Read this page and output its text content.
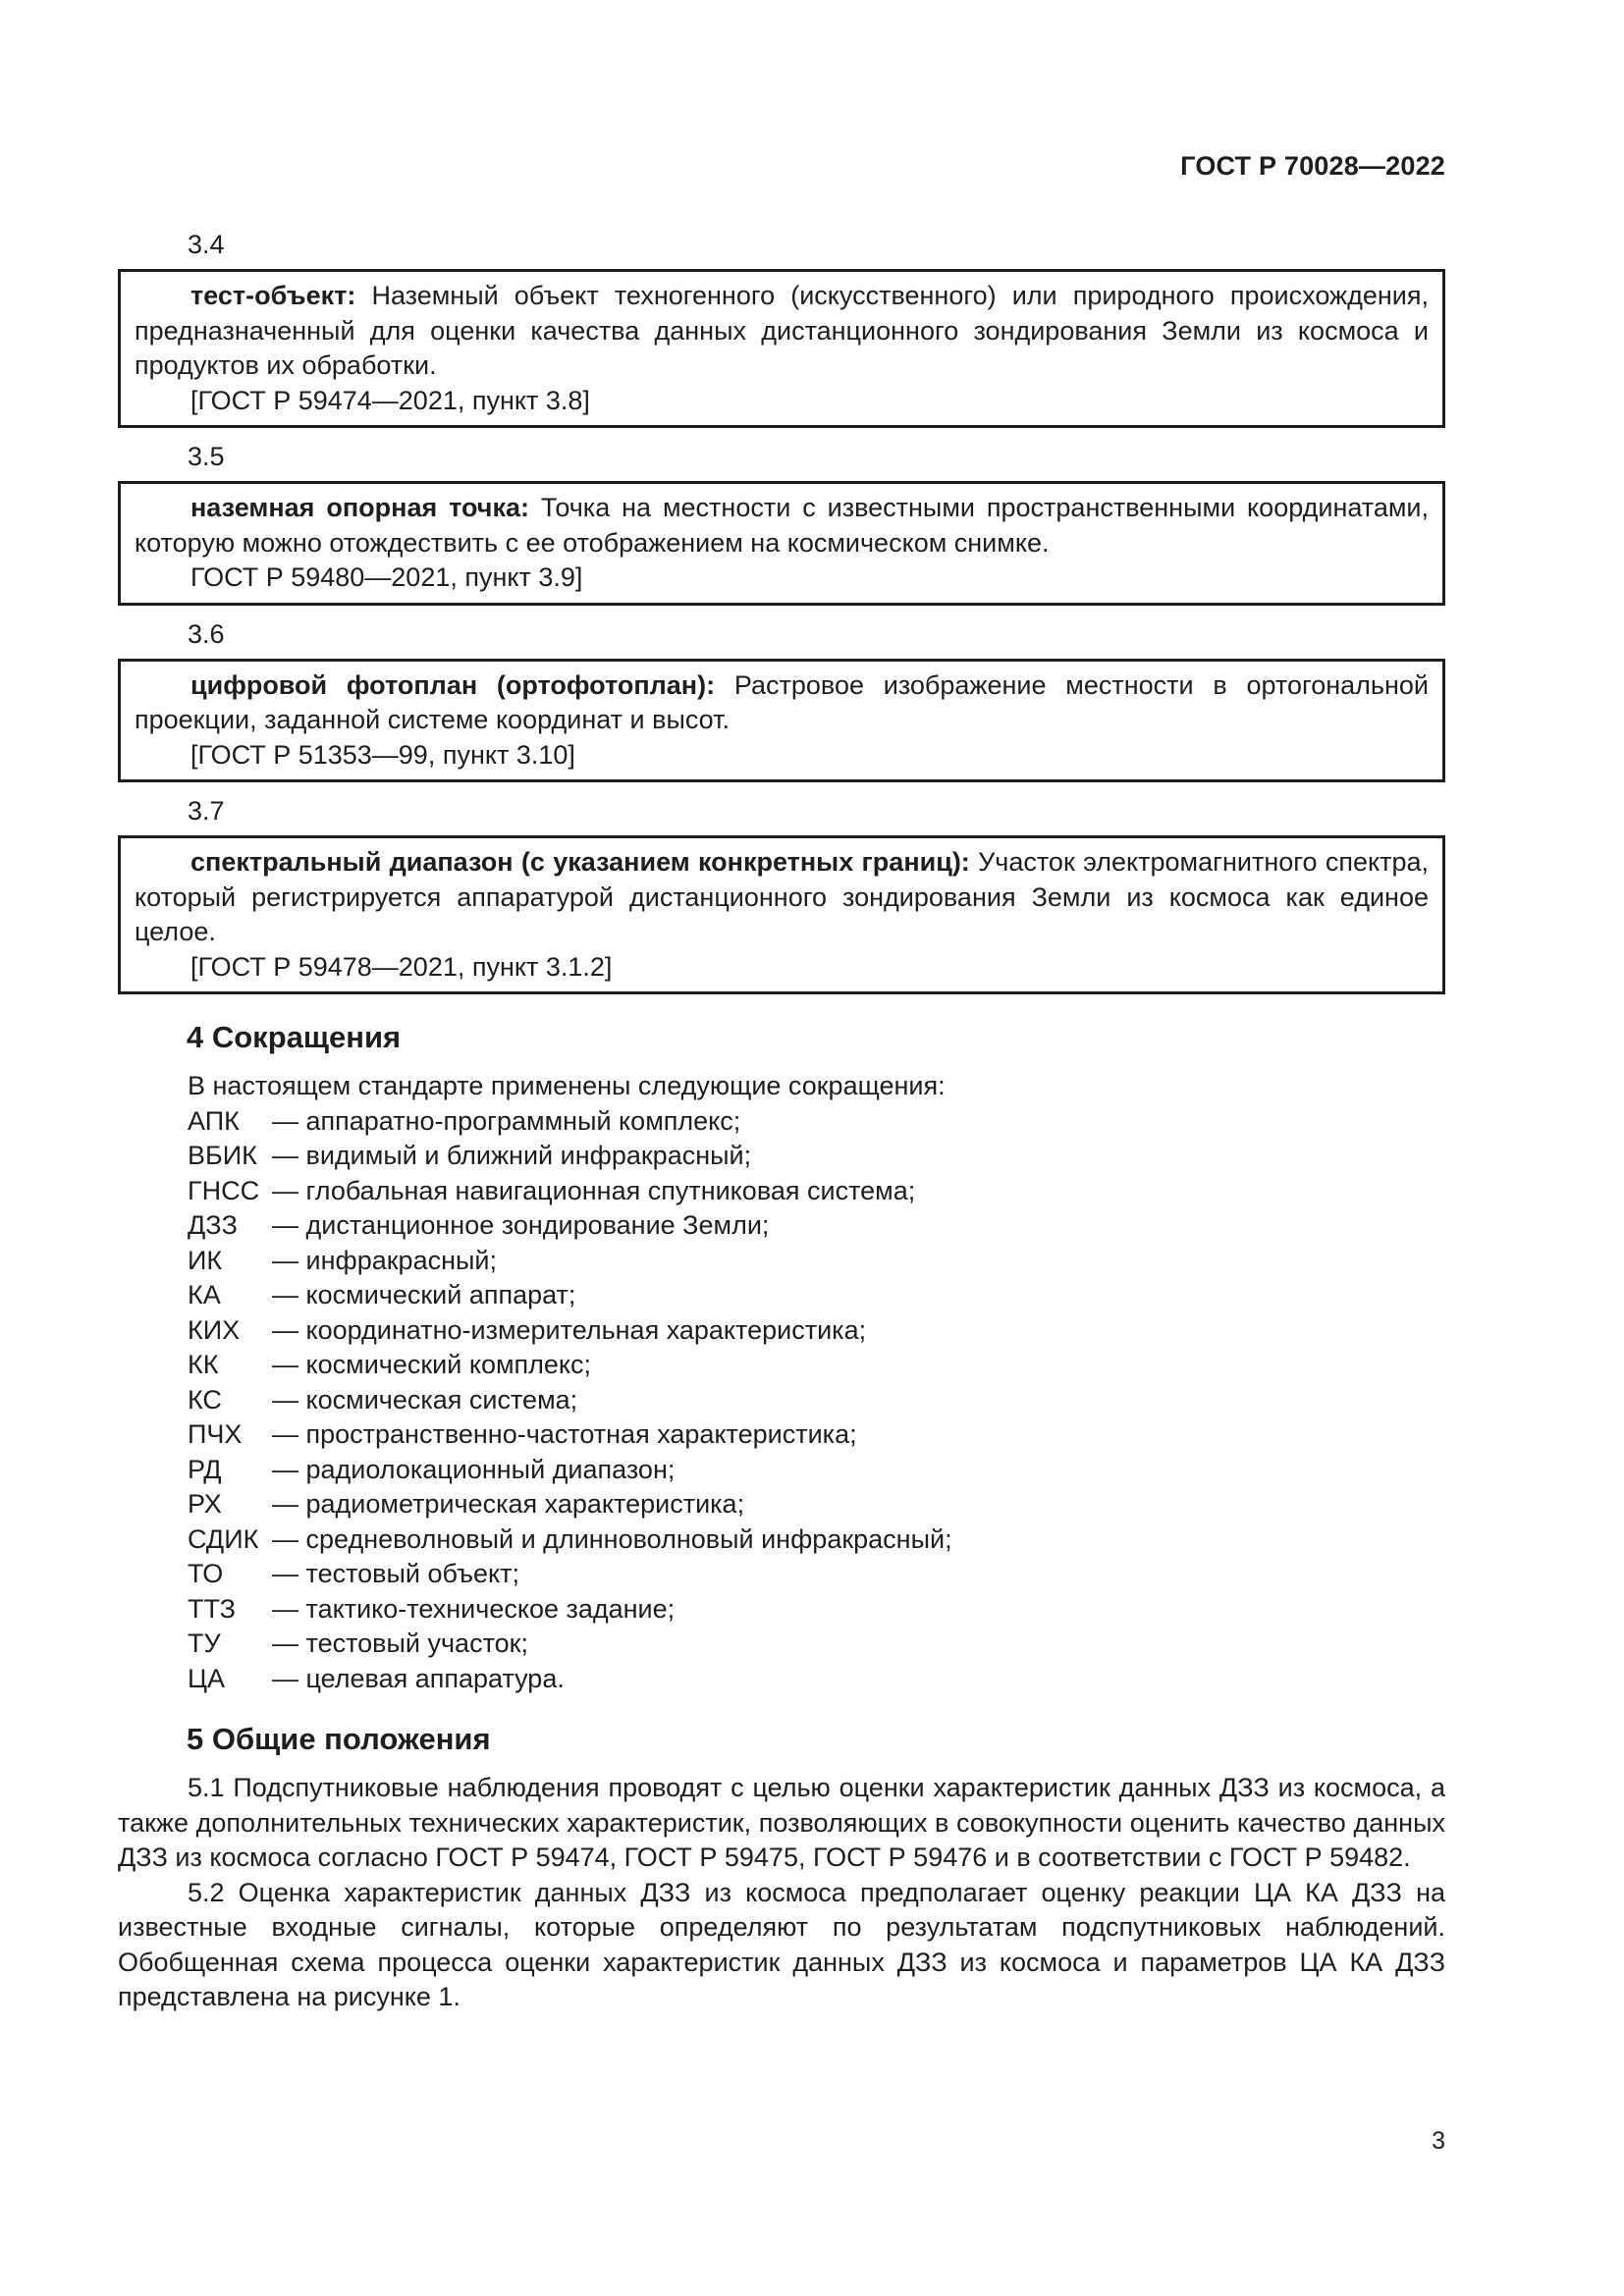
ГОСТ Р 70028—2022
3.4
тест-объект: Наземный объект техногенного (искусственного) или природного происхождения, предназначенный для оценки качества данных дистанционного зондирования Земли из космоса и продуктов их обработки.
[ГОСТ Р 59474—2021, пункт 3.8]
3.5
наземная опорная точка: Точка на местности с известными пространственными координатами, которую можно отождествить с ее отображением на космическом снимке.
ГОСТ Р 59480—2021, пункт 3.9]
3.6
цифровой фотоплан (ортофотоплан): Растровое изображение местности в ортогональной проекции, заданной системе координат и высот.
[ГОСТ Р 51353—99, пункт 3.10]
3.7
спектральный диапазон (с указанием конкретных границ): Участок электромагнитного спектра, который регистрируется аппаратурой дистанционного зондирования Земли из космоса как единое целое.
[ГОСТ Р 59478—2021, пункт 3.1.2]
4 Сокращения
В настоящем стандарте применены следующие сокращения:
АПК	— аппаратно-программный комплекс;
ВБИК — видимый и ближний инфракрасный;
ГНСС — глобальная навигационная спутниковая система;
ДЗЗ	— дистанционное зондирование Земли;
ИК	— инфракрасный;
КА	— космический аппарат;
КИХ	— координатно-измерительная характеристика;
КК	— космический комплекс;
КС	— космическая система;
ПЧХ	— пространственно-частотная характеристика;
РД	— радиолокационный диапазон;
РХ	— радиометрическая характеристика;
СДИК — средневолновый и длинноволновый инфракрасный;
ТО	— тестовый объект;
ТТЗ	— тактико-техническое задание;
ТУ	— тестовый участок;
ЦА	— целевая аппаратура.
5 Общие положения

5.1 Подспутниковые наблюдения проводят с целью оценки характеристик данных ДЗЗ из космоса, а также дополнительных технических характеристик, позволяющих в совокупности оценить качество данных ДЗЗ из космоса согласно ГОСТ Р 59474, ГОСТ Р 59475, ГОСТ Р 59476 и в соответствии с ГОСТ Р 59482.

5.2 Оценка характеристик данных ДЗЗ из космоса предполагает оценку реакции ЦА КА ДЗЗ на известные входные сигналы, которые определяют по результатам подспутниковых наблюдений. Обобщенная схема процесса оценки характеристик данных ДЗЗ из космоса и параметров ЦА КА ДЗЗ представлена на рисунке 1.

3
